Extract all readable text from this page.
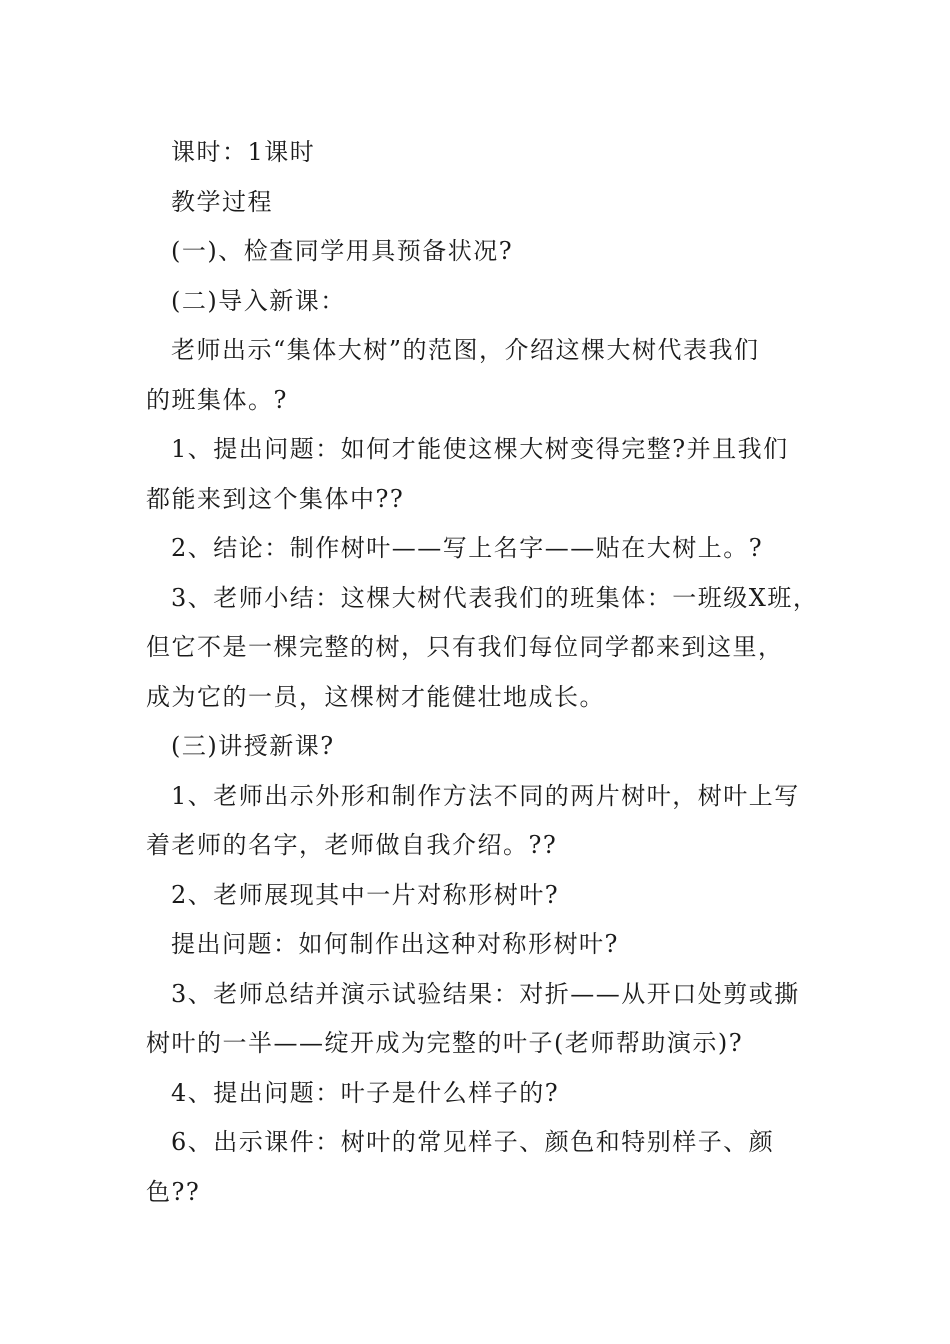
课时：1课时
教学过程
(一)、检查同学用具预备状况?
(二)导入新课：
老师出示“集体大树”的范图，介绍这棵大树代表我们
的班集体。?
1、提出问题：如何才能使这棵大树变得完整?并且我们
都能来到这个集体中??
2、结论：制作树叶——写上名字——贴在大树上。?
3、老师小结：这棵大树代表我们的班集体：一班级X班，
但它不是一棵完整的树，只有我们每位同学都来到这里，
成为它的一员，这棵树才能健壮地成长。
(三)讲授新课?
1、老师出示外形和制作方法不同的两片树叶，树叶上写
着老师的名字，老师做自我介绍。??
2、老师展现其中一片对称形树叶?
提出问题：如何制作出这种对称形树叶?
3、老师总结并演示试验结果：对折——从开口处剪或撕
树叶的一半——绽开成为完整的叶子(老师帮助演示)?
4、提出问题：叶子是什么样子的?
6、出示课件：树叶的常见样子、颜色和特别样子、颜
色??
